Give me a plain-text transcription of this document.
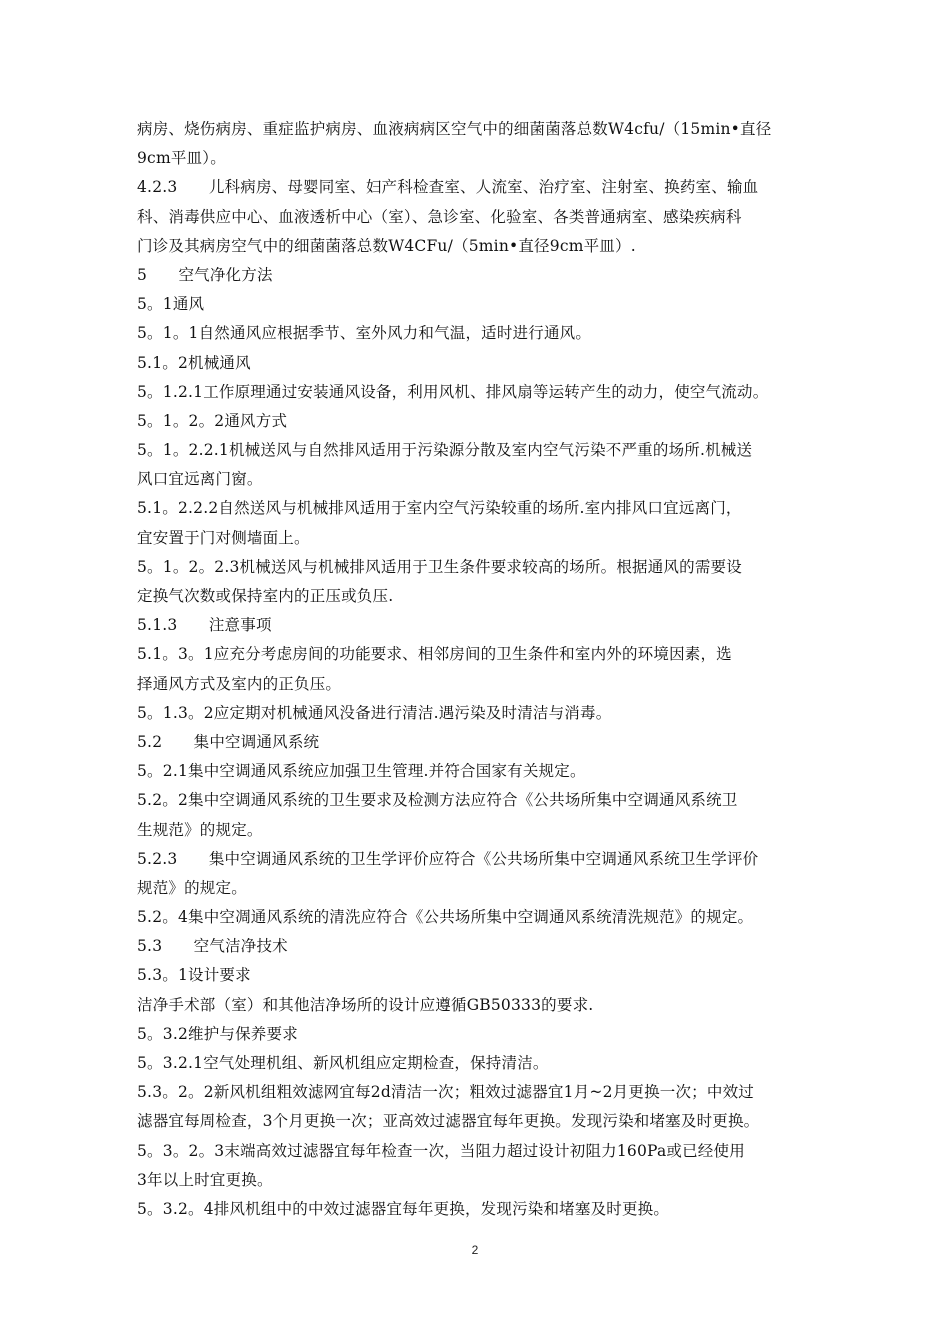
病房、烧伤病房、重症监护病房、血液病病区空气中的细菌菌落总数W4cfu/（15min•直径
9cm平皿）。
4.2.3　　儿科病房、母婴同室、妇产科检查室、人流室、治疗室、注射室、换药室、输血
科、消毒供应中心、血液透析中心（室）、急诊室、化验室、各类普通病室、感染疾病科
门诊及其病房空气中的细菌菌落总数W4CFu/（5min•直径9cm平皿）.
5　　空气净化方法
5。1通风
5。1。1自然通风应根据季节、室外风力和气温，适时进行通风。
5.1。2机械通风
5。1.2.1工作原理通过安装通风设备，利用风机、排风扇等运转产生的动力，使空气流动。
5。1。2。2通风方式
5。1。2.2.1机械送风与自然排风适用于污染源分散及室内空气污染不严重的场所.机械送
风口宜远离门窗。
5.1。2.2.2自然送风与机械排风适用于室内空气污染较重的场所.室内排风口宜远离门，
宜安置于门对侧墙面上。
5。1。2。2.3机械送风与机械排风适用于卫生条件要求较高的场所。根据通风的需要设
定换气次数或保持室内的正压或负压.
5.1.3　　注意事项
5.1。3。1应充分考虑房间的功能要求、相邻房间的卫生条件和室内外的环境因素，选
择通风方式及室内的正负压。
5。1.3。2应定期对机械通风没备进行清洁.遇污染及时清洁与消毒。
5.2　　集中空调通风系统
5。2.1集中空调通风系统应加强卫生管理.并符合国家有关规定。
5.2。2集中空调通风系统的卫生要求及检测方法应符合《公共场所集中空调通风系统卫
生规范》的规定。
5.2.3　　集中空调通风系统的卫生学评价应符合《公共场所集中空调通风系统卫生学评价
规范》的规定。
5.2。4集中空凋通风系统的清洗应符合《公共场所集中空调通风系统清洗规范》的规定。
5.3　　空气洁净技术
5.3。1设计要求
洁净手术部（室）和其他洁净场所的设计应遵循GB50333的要求.
5。3.2维护与保养要求
5。3.2.1空气处理机组、新风机组应定期检查，保持清洁。
5.3。2。2新风机组粗效滤网宜每2d清洁一次；粗效过滤器宜1月~2月更换一次；中效过
滤器宜每周检查，3个月更换一次；亚高效过滤器宜每年更换。发现污染和堵塞及时更换。
5。3。2。3末端高效过滤器宜每年检查一次，当阻力超过设计初阻力160Pa或已经使用
3年以上时宜更换。
5。3.2。4排风机组中的中效过滤器宜每年更换，发现污染和堵塞及时更换。
2
